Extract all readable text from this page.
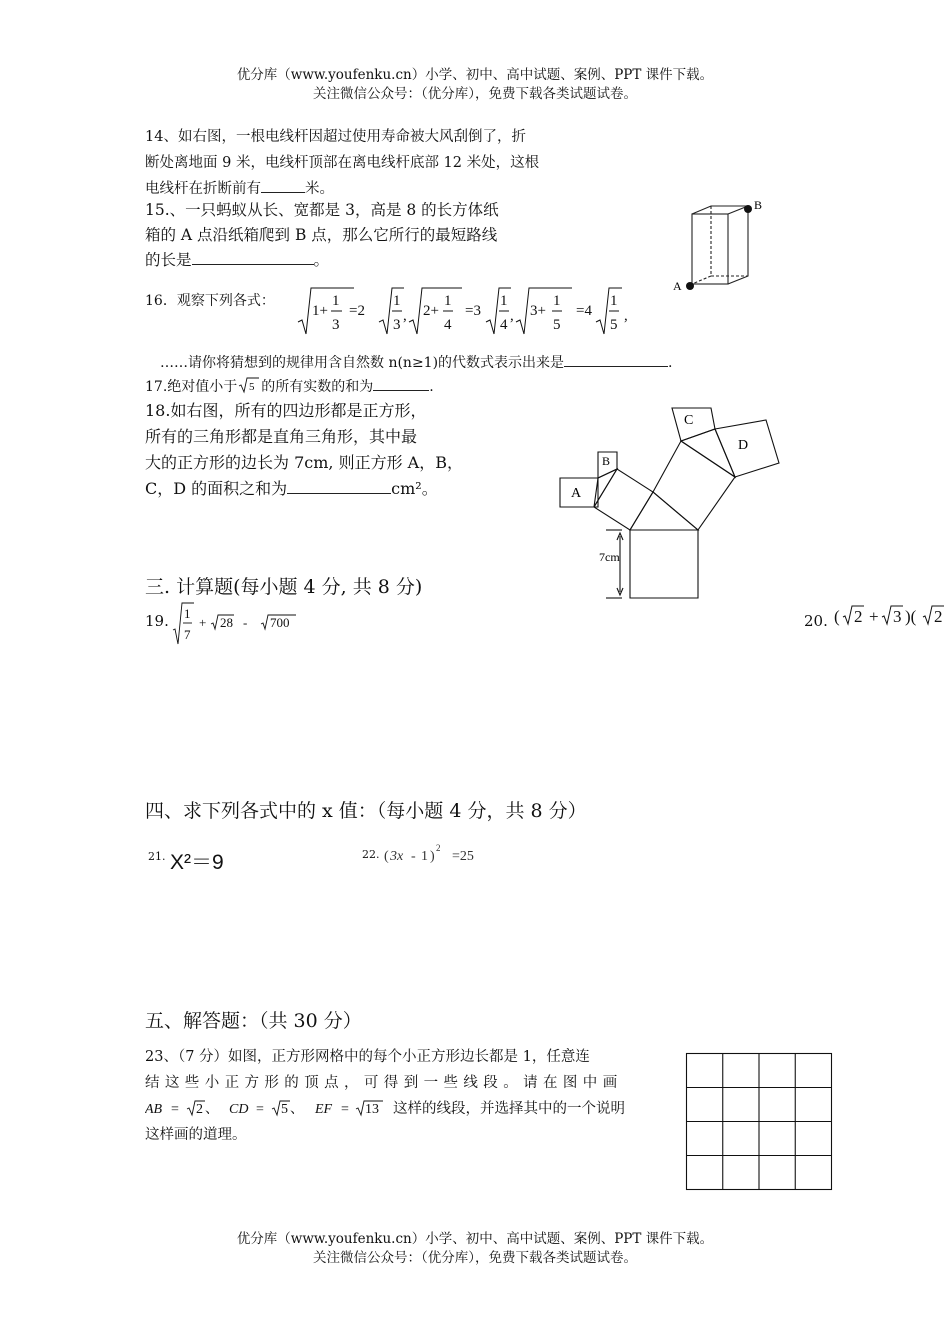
优分库（www.youfenku.cn）小学、初中、高中试题、案例、PPT 课件下载。
关注微信公众号：（优分库），免费下载各类试题试卷。
14、如右图，一根电线杆因超过使用寿命被大风刮倒了，折
断处离地面 9 米，电线杆顶部在离电线杆底部 12 米处，这根
电线杆在折断前有	米。
15.、一只蚂蚁从长、宽都是 3，高是 8 的长方体纸
箱的 A 点沿纸箱爬到 B 点，那么它所行的最短路线
的长是	。
B
A
16．观察下列各式：
1+
1
3
=2
1
3
, 2+
1
4
=3
1
4
, 3+
1
5
=4
1
5
,
……请你将猜想到的规律用含自然数 n(n≥1)的代数式表示出来是	.
17.绝对值小于 5 的所有实数的和为	.
18.如右图，所有的四边形都是正方形，
所有的三角形都是直角三角形，其中最
大的正方形的边长为 7cm, 则正方形 A，B，
C，D 的面积之和为	cm²。	A
B
C
D
7cm
三. 计算题(每小题 4 分, 共 8 分)
19. 1
7
+ 28 - 700	20. ( 2 + 3 )( 2
四、求下列各式中的 x 值：（每小题 4 分，共 8 分）
21. X²＝9	22. ( 3x - 1 )
2
=25
五、解答题：（共 30 分）
23、（7 分）如图，正方形网格中的每个小正方形边长都是 1，任意连
结这些小正方形的顶点，可得到一些线段。请在图中画
AB = 2 、 CD = 5 、 EF = 13 这样的线段，并选择其中的一个说明
这样画的道理。
优分库（www.youfenku.cn）小学、初中、高中试题、案例、PPT 课件下载。
关注微信公众号：（优分库），免费下载各类试题试卷。
